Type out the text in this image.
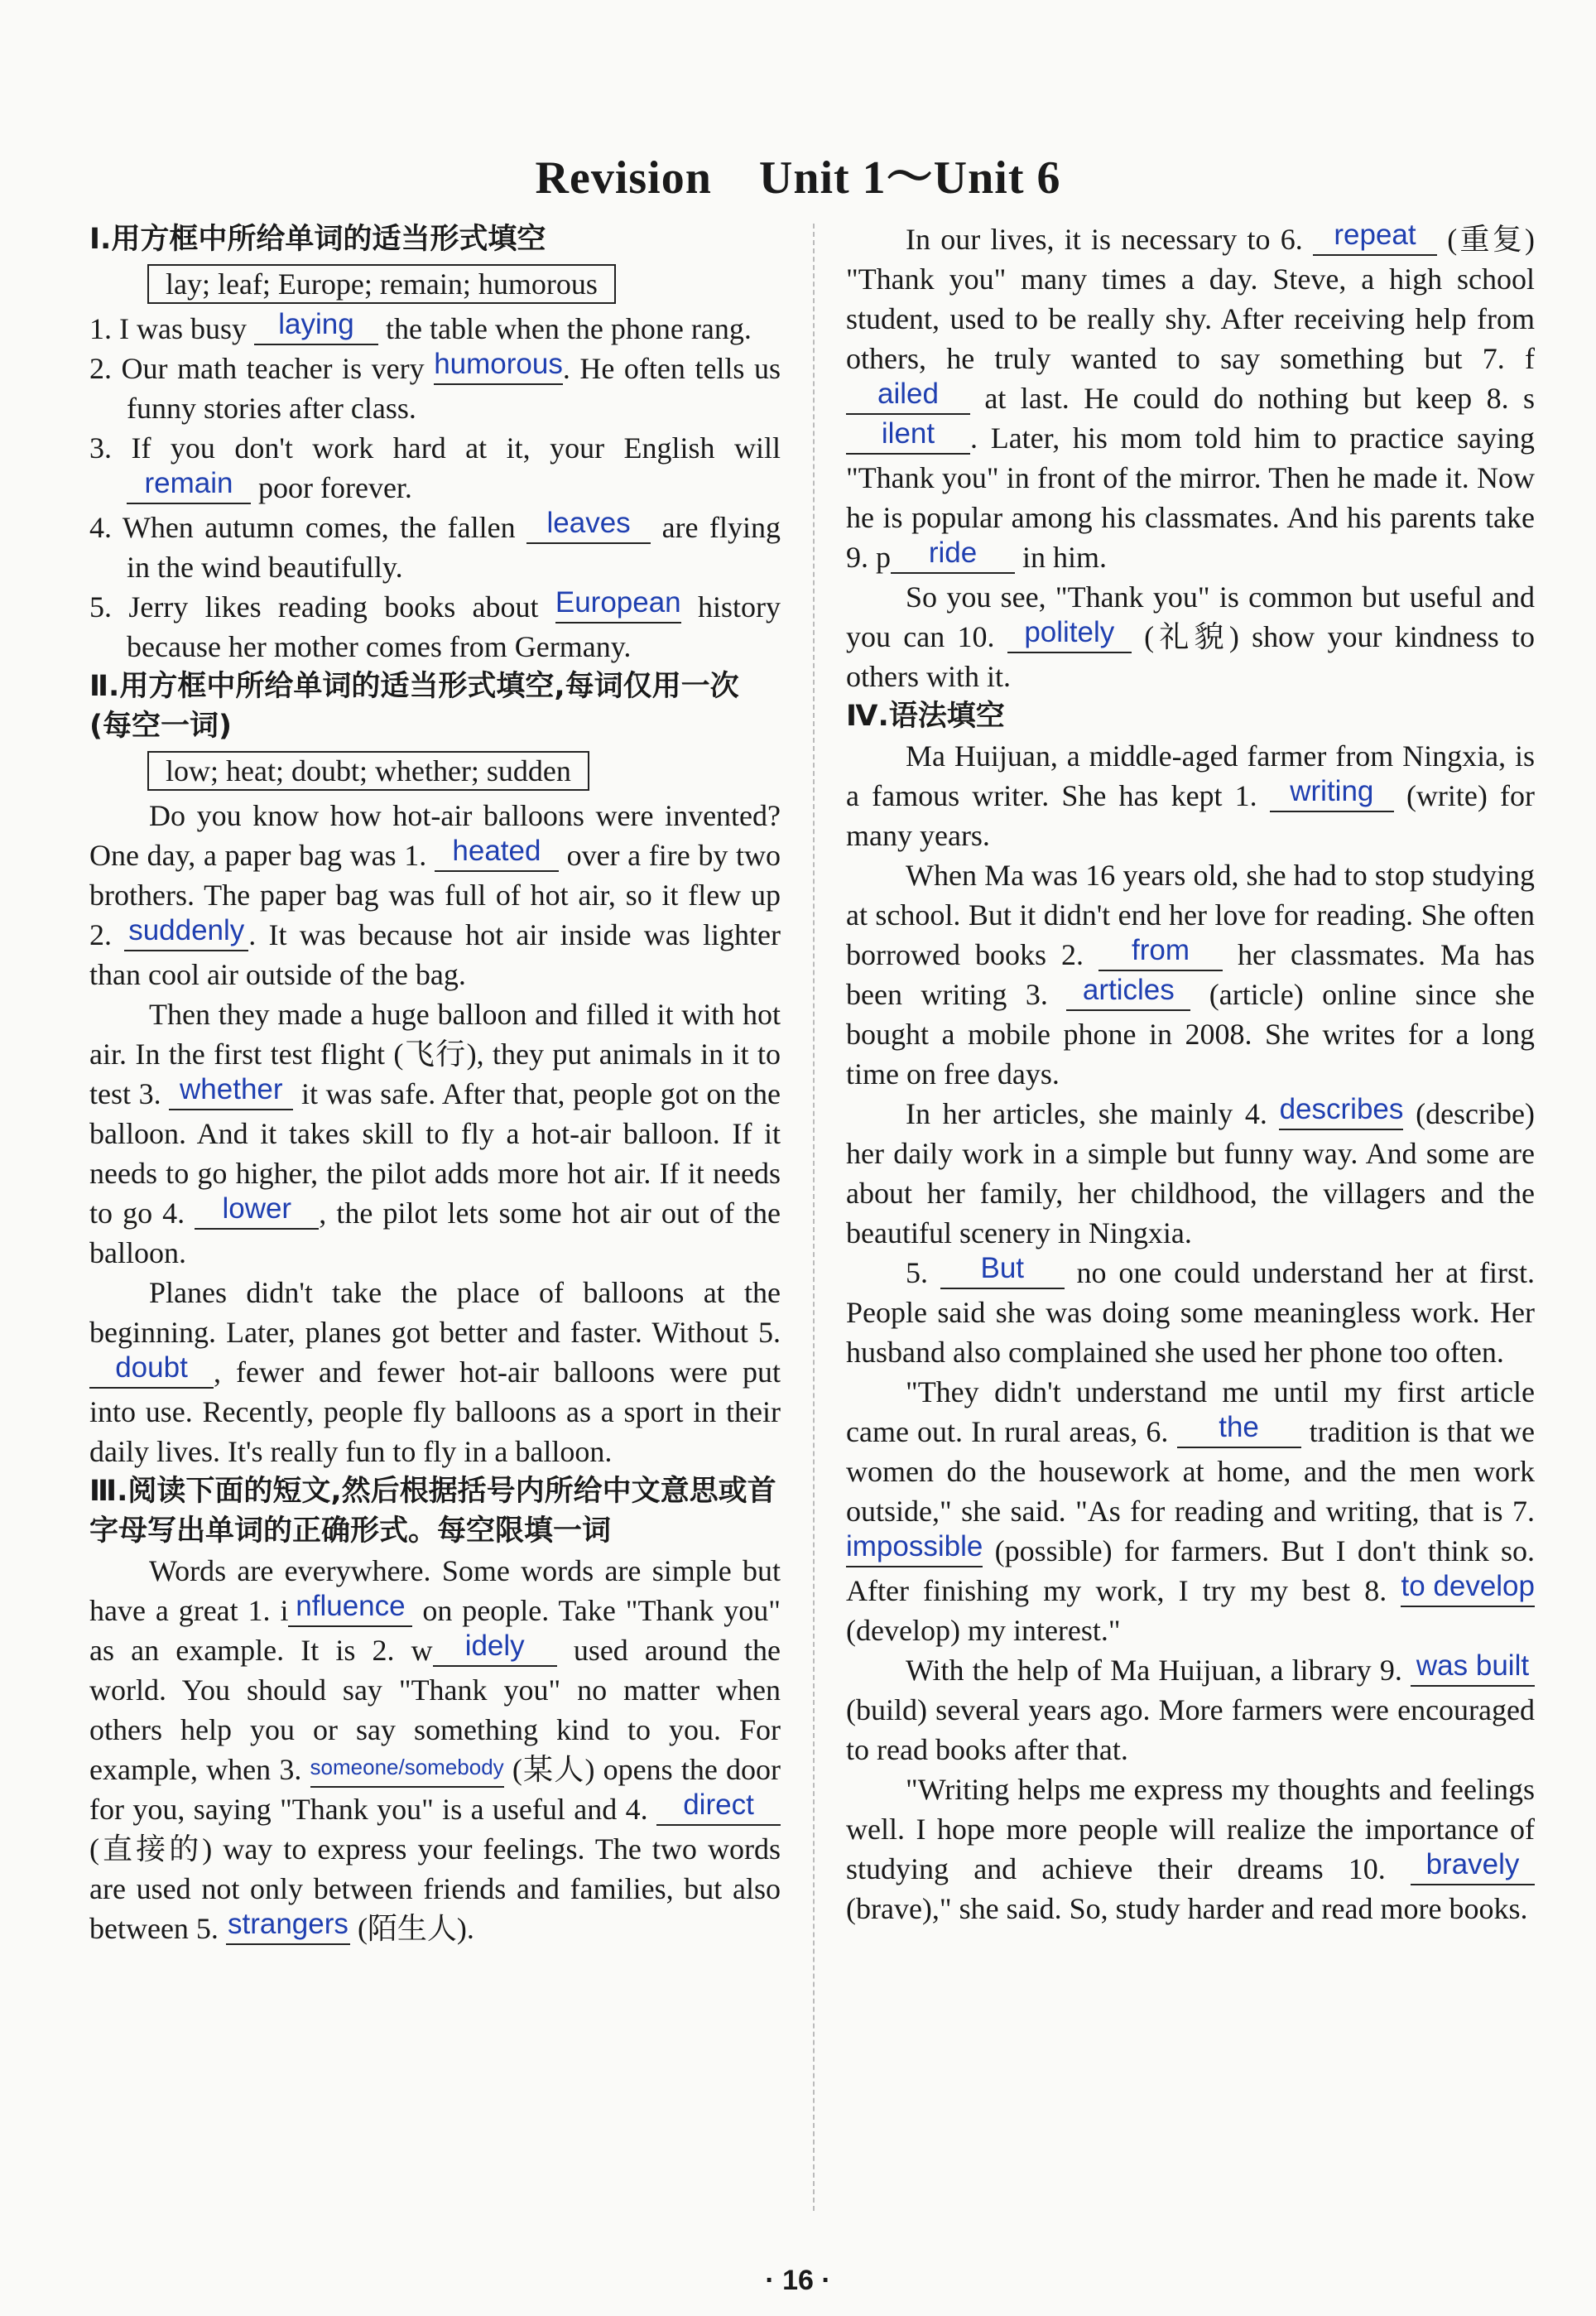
Revision　Unit 1～Unit 6
Ⅰ.用方框中所给单词的适当形式填空
lay; leaf; Europe; remain; humorous
1. I was busy laying the table when the phone rang.
2. Our math teacher is very humorous. He often tells us funny stories after class.
3. If you don't work hard at it, your English will remain poor forever.
4. When autumn comes, the fallen leaves are flying in the wind beautifully.
5. Jerry likes reading books about European history because her mother comes from Germany.
Ⅱ.用方框中所给单词的适当形式填空,每词仅用一次(每空一词)
low; heat; doubt; whether; sudden

Do you know how hot-air balloons were invented? One day, a paper bag was 1. heated over a fire by two brothers. The paper bag was full of hot air, so it flew up 2. suddenly . It was because hot air inside was lighter than cool air outside of the bag.

Then they made a huge balloon and filled it with hot air. In the first test flight (飞行), they put animals in it to test 3. whether it was safe. After that, people got on the balloon. And it takes skill to fly a hot-air balloon. If it needs to go higher, the pilot adds more hot air. If it needs to go 4. lower , the pilot lets some hot air out of the balloon.

Planes didn't take the place of balloons at the beginning. Later, planes got better and faster. Without 5. doubt , fewer and fewer hot-air balloons were put into use. Recently, people fly balloons as a sport in their daily lives. It's really fun to fly in a balloon.

Ⅲ.阅读下面的短文,然后根据括号内所给中文意思或首字母写出单词的正确形式。每空限填一词

Words are everywhere. Some words are simple but have a great 1. i nfluence on people. Take "Thank you" as an example. It is 2. w idely used around the world. You should say "Thank you" no matter when others help you or say something kind to you. For example, when 3. someone/somebody (某人) opens the door for you, saying "Thank you" is a useful and 4. direct (直接的) way to express your feelings. The two words are used not only between friends and families, but also between 5. strangers (陌生人).

In our lives, it is necessary to 6. repeat (重复) "Thank you" many times a day. Steve, a high school student, used to be really shy. After receiving help from others, he truly wanted to say something but 7. failed at last. He could do nothing but keep 8. silent . Later, his mom told him to practice saying "Thank you" in front of the mirror. Then he made it. Now he is popular among his classmates. And his parents take 9. p ride in him.

So you see, "Thank you" is common but useful and you can 10. politely (礼貌) show your kindness to others with it.

Ⅳ.语法填空

Ma Huijuan, a middle-aged farmer from Ningxia, is a famous writer. She has kept 1. writing (write) for many years.

When Ma was 16 years old, she had to stop studying at school. But it didn't end her love for reading. She often borrowed books 2. from her classmates. Ma has been writing 3. articles (article) online since she bought a mobile phone in 2008. She writes for a long time on free days.

In her articles, she mainly 4. describes (describe) her daily work in a simple but funny way. And some are about her family, her childhood, the villagers and the beautiful scenery in Ningxia.

5. But no one could understand her at first. People said she was doing some meaningless work. Her husband also complained she used her phone too often.

"They didn't understand me until my first article came out. In rural areas, 6. the tradition is that we women do the housework at home, and the men work outside," she said. "As for reading and writing, that is 7. impossible (possible) for farmers. But I don't think so. After finishing my work, I try my best 8. to develop (develop) my interest."

With the help of Ma Huijuan, a library 9. was built (build) several years ago. More farmers were encouraged to read books after that.

"Writing helps me express my thoughts and feelings well. I hope more people will realize the importance of studying and achieve their dreams 10. bravely (brave)," she said. So, study harder and read more books.

· 16 ·
